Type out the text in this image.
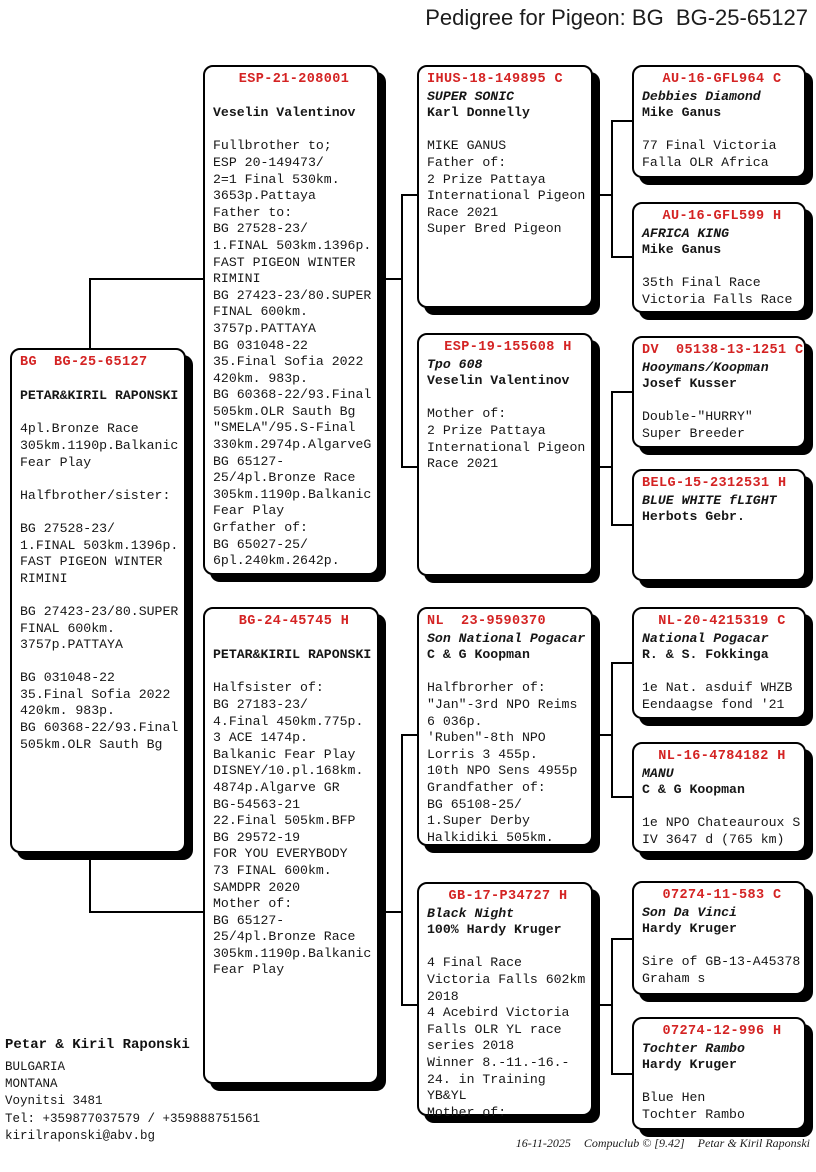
Pedigree for Pigeon: BG  BG-25-65127
BG  BG-25-65127

PETAR&KIRIL RAPONSKI

4pl.Bronze Race
305km.1190p.Balkanic
Fear Play

Halfbrother/sister:

BG 27528-23/
1.FINAL 503km.1396p.
FAST PIGEON WINTER
RIMINI

BG 27423-23/80.SUPER
FINAL 600km.
3757p.PATTAYA

BG 031048-22
35.Final Sofia 2022
420km. 983p.
BG 60368-22/93.Final
505km.OLR Sauth Bg
ESP-21-208001

Veselin Valentinov

Fullbrother to;
ESP 20-149473/
2=1 Final 530km.
3653p.Pattaya
Father to:
BG 27528-23/
1.FINAL 503km.1396p.
FAST PIGEON WINTER
RIMINI
BG 27423-23/80.SUPER
FINAL 600km.
3757p.PATTAYA
BG 031048-22
35.Final Sofia 2022
420km. 983p.
BG 60368-22/93.Final
505km.OLR Sauth Bg
"SMELA"/95.S-Final
330km.2974p.AlgarveG
BG 65127-
25/4pl.Bronze Race
305km.1190p.Balkanic
Fear Play
Grfather of:
BG 65027-25/
6pl.240km.2642p.
BG-24-45745 H

PETAR&KIRIL RAPONSKI

Halfsister of:
BG 27183-23/
4.Final 450km.775p.
3 ACE 1474p.
Balkanic Fear Play
DISNEY/10.pl.168km.
4874p.Algarve GR
BG-54563-21
22.Final 505km.BFP
BG 29572-19
FOR YOU EVERYBODY
73 FINAL 600km.
SAMDPR 2020
Mother of:
BG 65127-
25/4pl.Bronze Race
305km.1190p.Balkanic
Fear Play
IHUS-18-149895 C
SUPER SONIC
Karl Donnelly

MIKE GANUS
Father of:
2 Prize Pattaya
International Pigeon
Race 2021
Super Bred Pigeon
ESP-19-155608 H
Tpo 608
Veselin Valentinov

Mother of:
2 Prize Pattaya
International Pigeon
Race 2021
NL  23-9590370
Son National Pogacar
C & G Koopman

Halfbrorher of:
"Jan"-3rd NPO Reims
6 036p.
'Ruben"-8th NPO
Lorris 3 455p.
10th NPO Sens 4955p
Grandfather of:
BG 65108-25/
1.Super Derby
Halkidiki 505km.
GB-17-P34727 H
Black Night
100% Hardy Kruger

4 Final Race
Victoria Falls 602km
2018
4 Acebird Victoria
Falls OLR YL race
series 2018
Winner 8.-11.-16.-
24. in Training
YB&YL
Mother of:
AU-16-GFL964 C
Debbies Diamond
Mike Ganus

77 Final Victoria
Falla OLR Africa
AU-16-GFL599 H
AFRICA KING
Mike Ganus

35th Final Race
Victoria Falls Race
DV  05138-13-1251 C
Hooymans/Koopman
Josef Kusser

Double-"HURRY"
Super Breeder
BELG-15-2312531 H
BLUE WHITE fLIGHT
Herbots Gebr.
NL-20-4215319 C
National Pogacar
R. & S. Fokkinga

1e Nat. asduif WHZB
Eendaagse fond '21
NL-16-4784182 H
MANU
C & G Koopman

1e NPO Chateauroux S
IV 3647 d (765 km)
07274-11-583 C
Son Da Vinci
Hardy Kruger

Sire of GB-13-A45378
Graham s
07274-12-996 H
Tochter Rambo
Hardy Kruger

Blue Hen
Tochter Rambo
Petar & Kiril Raponski
BULGARIA
MONTANA
Voynitsi 3481
Tel: +359877037579 / +359888751561
kirilraponski@abv.bg
16-11-2025 Compuclub © [9.42] Petar & Kiril Raponski
